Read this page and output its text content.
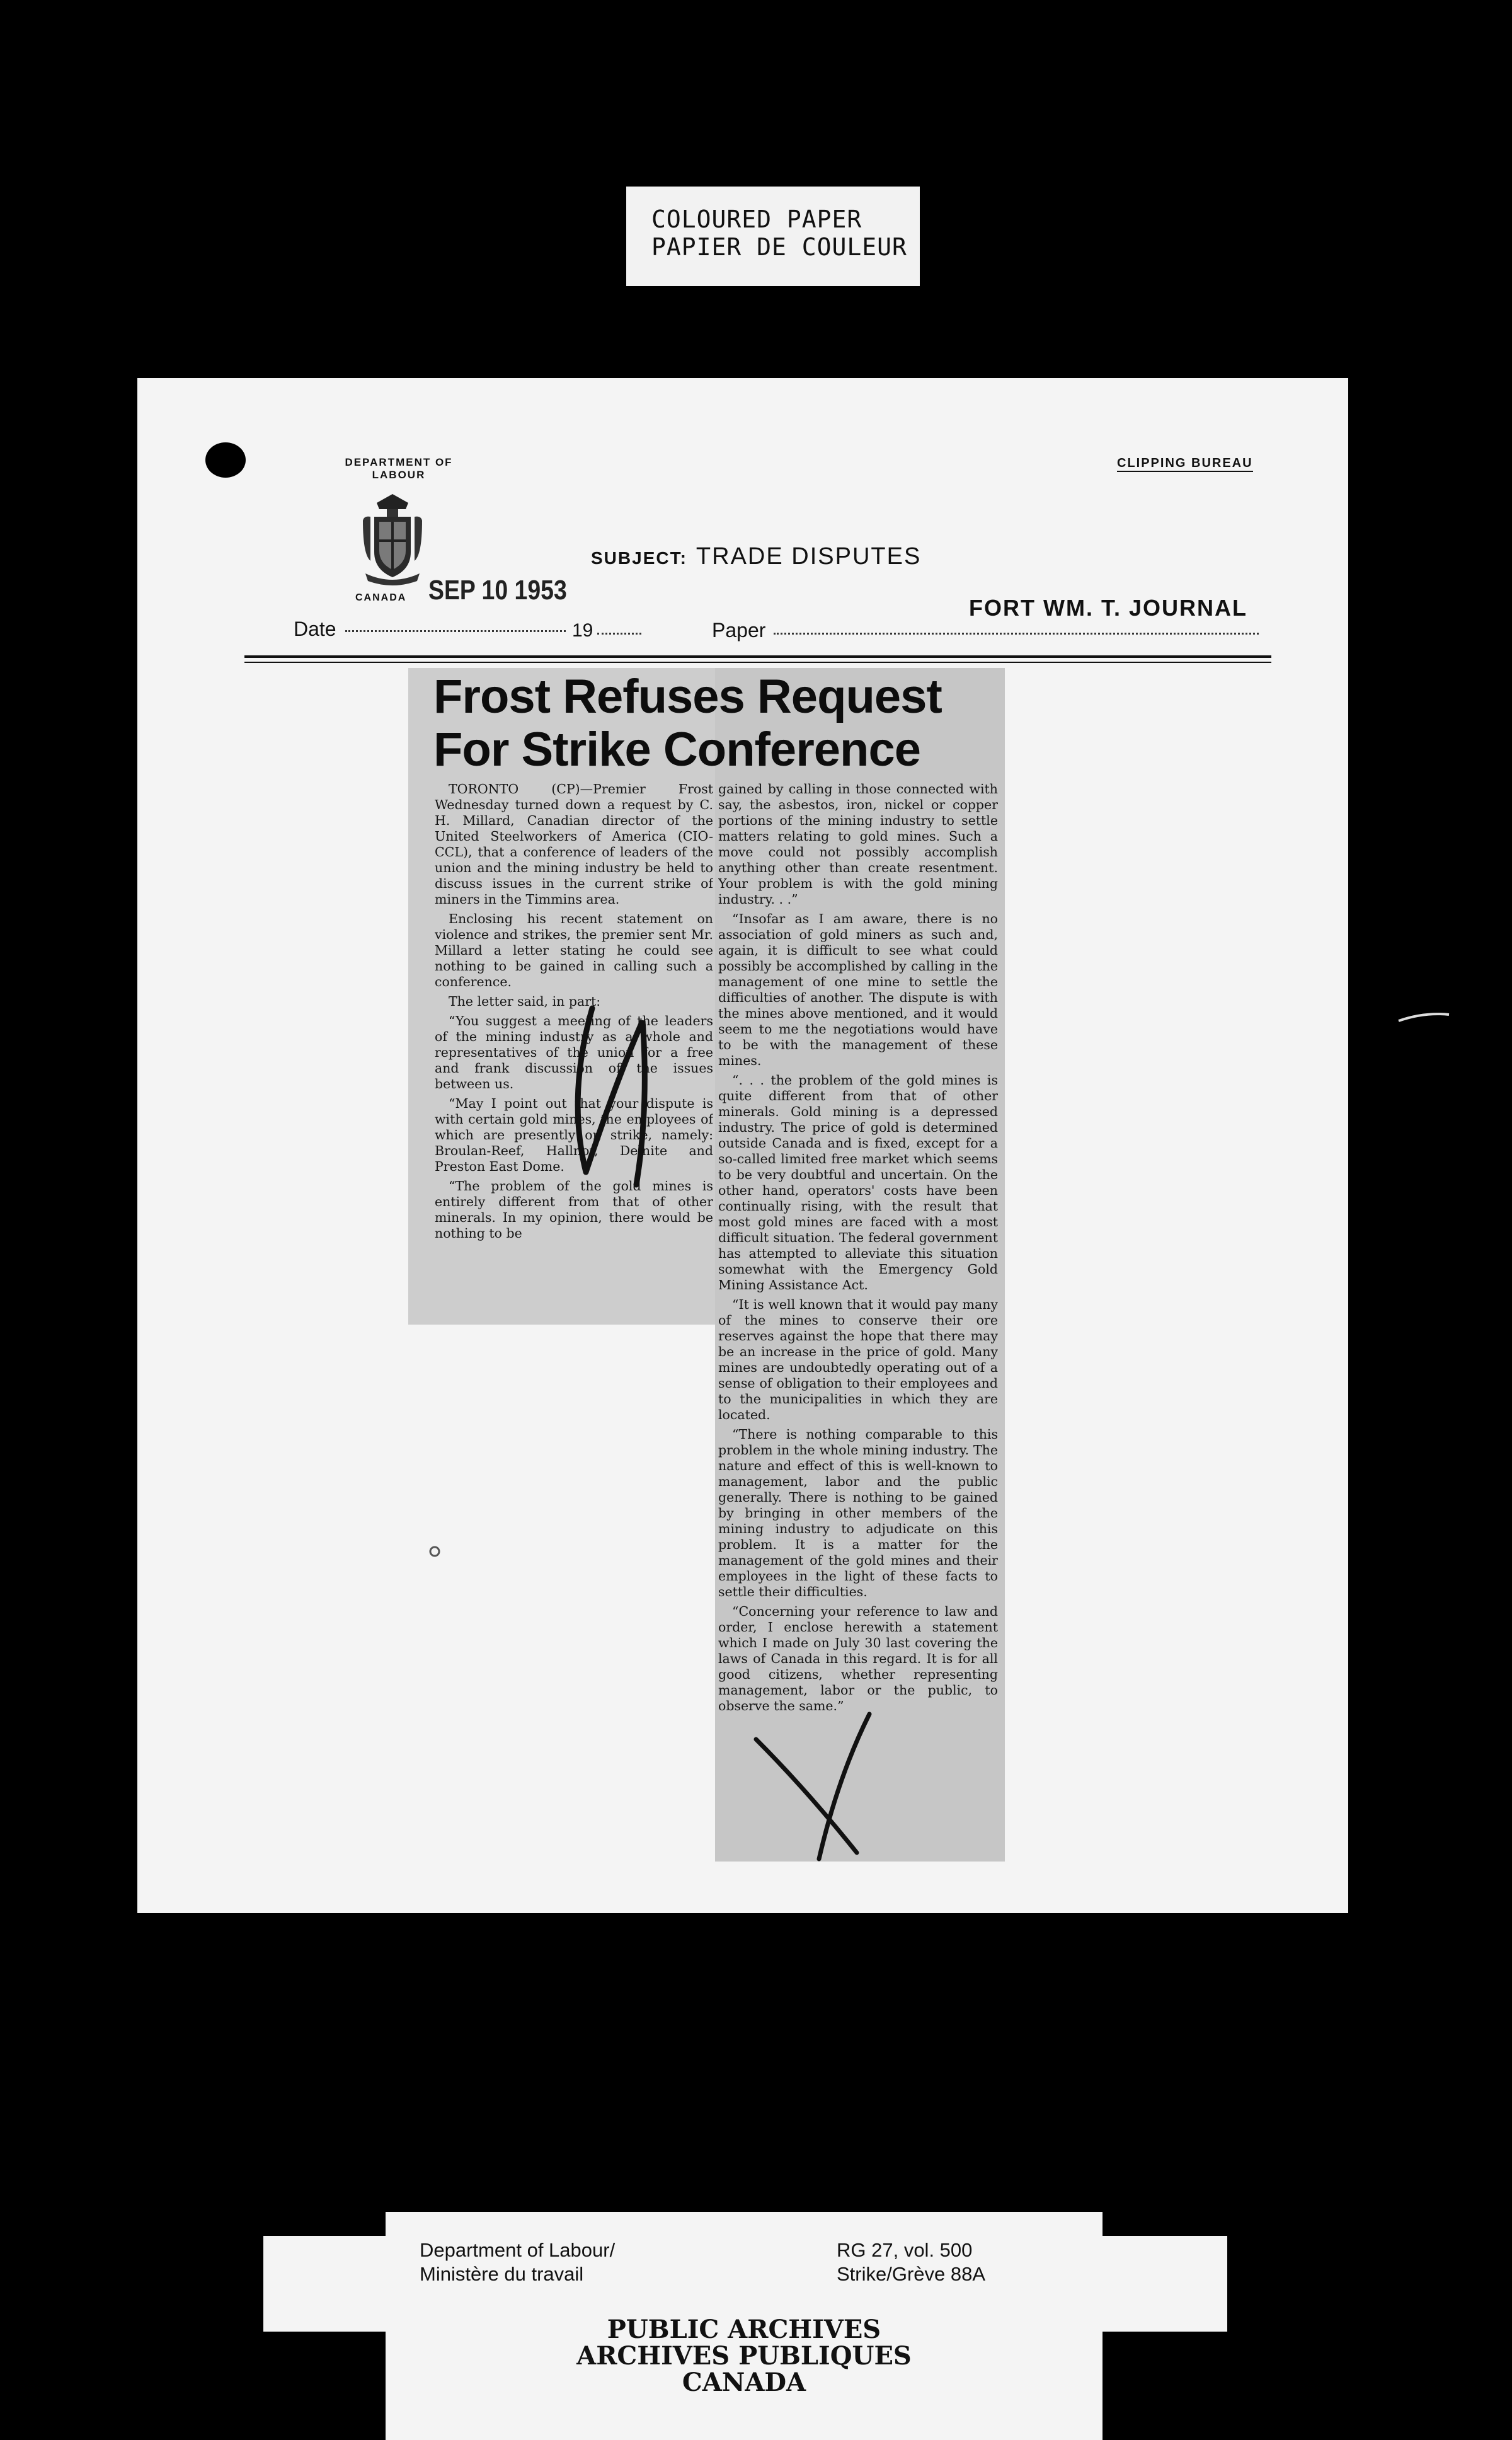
COLOURED PAPER
PAPIER DE COULEUR
DEPARTMENT OF LABOUR
CANADA
CLIPPING BUREAU
SUBJECT: TRADE DISPUTES
SEP 10 1953
FORT WM. T. JOURNAL
Date	19	Paper
Frost Refuses Request
For Strike Conference

TORONTO (CP)—Premier Frost Wednesday turned down a request by C. H. Millard, Canadian director of the United Steelworkers of America (CIO-CCL), that a conference of leaders of the union and the mining industry be held to discuss issues in the current strike of miners in the Timmins area.

Enclosing his recent statement on violence and strikes, the premier sent Mr. Millard a letter stating he could see nothing to be gained in calling such a conference.

The letter said, in part:

“You suggest a meeting of the leaders of the mining industry as a whole and representatives of the union for a free and frank discussion of the issues between us.

“May I point out that your dispute is with certain gold mines, the employees of which are presently on strike, namely: Broulan-Reef, Hallnor, Delnite and Preston East Dome.

“The problem of the gold mines is entirely different from that of other minerals. In my opinion, there would be nothing to be

gained by calling in those connected with say, the asbestos, iron, nickel or copper portions of the mining industry to settle matters relating to gold mines. Such a move could not possibly accomplish anything other than create resentment. Your problem is with the gold mining industry. . .”

“Insofar as I am aware, there is no association of gold miners as such and, again, it is difficult to see what could possibly be accomplished by calling in the management of one mine to settle the difficulties of another. The dispute is with the mines above mentioned, and it would seem to me the negotiations would have to be with the management of these mines.

“. . . the problem of the gold mines is quite different from that of other minerals. Gold mining is a depressed industry. The price of gold is determined outside Canada and is fixed, except for a so-called limited free market which seems to be very doubtful and uncertain. On the other hand, operators' costs have been continually rising, with the result that most gold mines are faced with a most difficult situation. The federal government has attempted to alleviate this situation somewhat with the Emergency Gold Mining Assistance Act.

“It is well known that it would pay many of the mines to conserve their ore reserves against the hope that there may be an increase in the price of gold. Many mines are undoubtedly operating out of a sense of obligation to their employees and to the municipalities in which they are located.

“There is nothing comparable to this problem in the whole mining industry. The nature and effect of this is well-known to management, labor and the public generally. There is nothing to be gained by bringing in other members of the mining industry to adjudicate on this problem. It is a matter for the management of the gold mines and their employees in the light of these facts to settle their difficulties.

“Concerning your reference to law and order, I enclose herewith a statement which I made on July 30 last covering the laws of Canada in this regard. It is for all good citizens, whether representing management, labor or the public, to observe the same.”

Department of Labour/
Ministère du travail
RG 27, vol. 500
Strike/Grève 88A
PUBLIC ARCHIVES
ARCHIVES PUBLIQUES
CANADA
